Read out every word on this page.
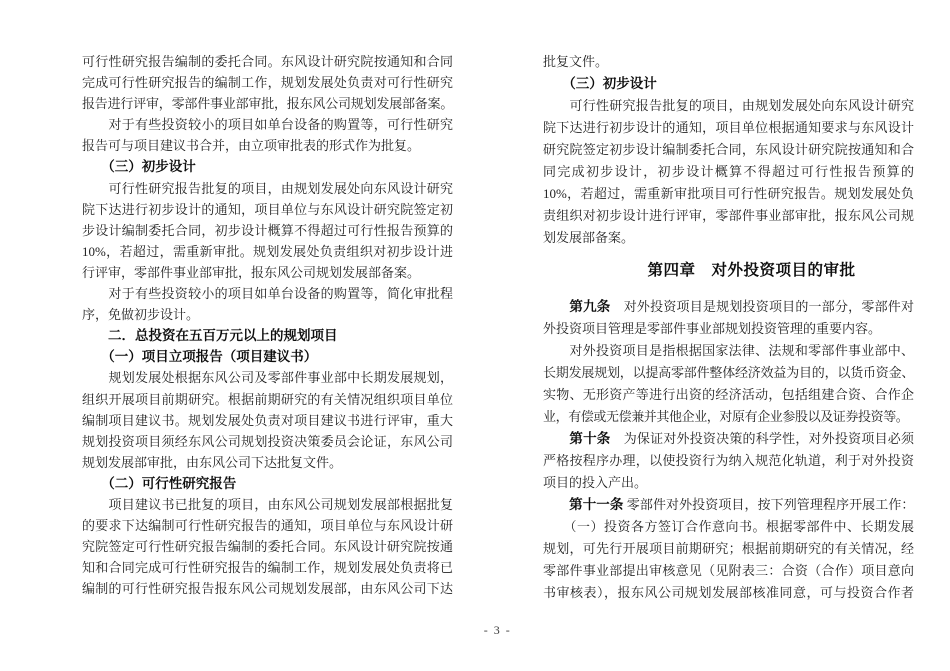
可行性研究报告编制的委托合同。东风设计研究院按通知和合同
完成可行性研究报告的编制工作，规划发展处负责对可行性研究
报告进行评审，零部件事业部审批，报东风公司规划发展部备案。
　　对于有些投资较小的项目如单台设备的购置等，可行性研究
报告可与项目建议书合并，由立项审批表的形式作为批复。
　　（三）初步设计
　　可行性研究报告批复的项目，由规划发展处向东风设计研究
院下达进行初步设计的通知，项目单位与东风设计研究院签定初
步设计编制委托合同，初步设计概算不得超过可行性报告预算的
10%，若超过，需重新审批。规划发展处负责组织对初步设计进
行评审，零部件事业部审批，报东风公司规划发展部备案。
　　对于有些投资较小的项目如单台设备的购置等，简化审批程
序，免做初步设计。
　　二．总投资在五百万元以上的规划项目
　　（一）项目立项报告（项目建议书）
　　规划发展处根据东风公司及零部件事业部中长期发展规划，
组织开展项目前期研究。根据前期研究的有关情况组织项目单位
编制项目建议书。规划发展处负责对项目建议书进行评审，重大
规划投资项目须经东风公司规划投资决策委员会论证，东风公司
规划发展部审批，由东风公司下达批复文件。
　　（二）可行性研究报告
　　项目建议书已批复的项目，由东风公司规划发展部根据批复
的要求下达编制可行性研究报告的通知，项目单位与东风设计研
究院签定可行性研究报告编制的委托合同。东风设计研究院按通
知和合同完成可行性研究报告的编制工作，规划发展处负责将已
编制的可行性研究报告报东风公司规划发展部，由东风公司下达
批复文件。
　　（三）初步设计
　　可行性研究报告批复的项目，由规划发展处向东风设计研究
院下达进行初步设计的通知，项目单位根据通知要求与东风设计
研究院签定初步设计编制委托合同，东风设计研究院按通知和合
同完成初步设计，初步设计概算不得超过可行性报告预算的
10%，若超过，需重新审批项目可行性研究报告。规划发展处负
责组织对初步设计进行评审，零部件事业部审批，报东风公司规
划发展部备案。
第四章　对外投资项目的审批
　　第九条　对外投资项目是规划投资项目的一部分，零部件对
外投资项目管理是零部件事业部规划投资管理的重要内容。
　　对外投资项目是指根据国家法律、法规和零部件事业部中、
长期发展规划，以提高零部件整体经济效益为目的，以货币资金、
实物、无形资产等进行出资的经济活动，包括组建合资、合作企
业，有偿或无偿兼并其他企业，对原有企业参股以及证券投资等。
　　第十条　为保证对外投资决策的科学性，对外投资项目必须
严格按程序办理，以使投资行为纳入规范化轨道，利于对外投资
项目的投入产出。
　　第十一条 零部件对外投资项目，按下列管理程序开展工作：
　　（一）投资各方签订合作意向书。根据零部件中、长期发展
规划，可先行开展项目前期研究；根据前期研究的有关情况，经
零部件事业部提出审核意见（见附表三：合资（合作）项目意向
书审核表），报东风公司规划发展部核准同意，可与投资合作者
- 3 -
